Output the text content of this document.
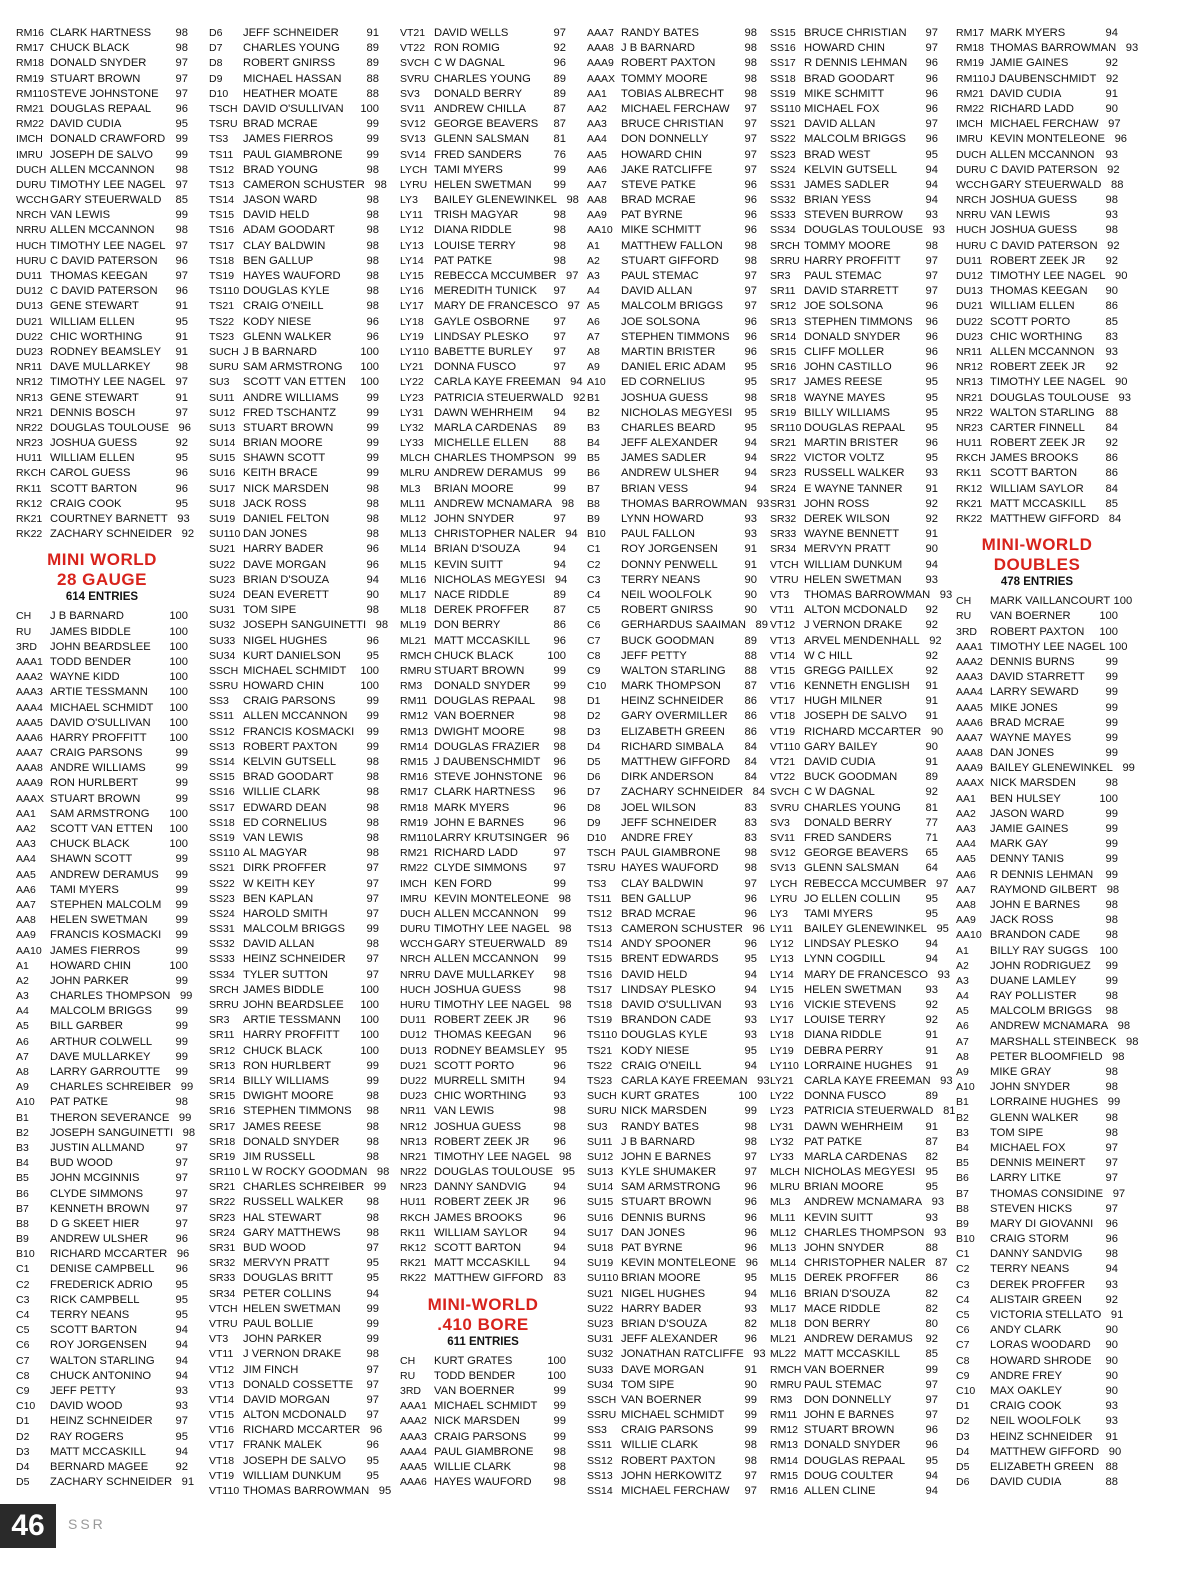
RM16 CLARK HARTNESS	98
RM17 CHUCK BLACK	98
RM18 DONALD SNYDER	97
RM19 STUART BROWN	97
RM110 STEVE JOHNSTONE	97
RM21 DOUGLAS REPAAL	96
RM22 DAVID CUDIA	95
IMCH DONALD CRAWFORD 99
IMRU JOSEPH DE SALVO	99
DUCH ALLEN MCCANNON	98
DURU TIMOTHY LEE NAGEL 97
WCCH GARY STEUERWALD	85
NRCH VAN LEWIS	99
NRRU ALLEN MCCANNON	98
HUCH TIMOTHY LEE NAGEL 97
HURU C DAVID PATERSON	96
DU11 THOMAS KEEGAN	97
DU12 C DAVID PATERSON	96
DU13 GENE STEWART	91
DU21 WILLIAM ELLEN	95
DU22 CHIC WORTHING	91
DU23 RODNEY BEAMSLEY	91
NR11 DAVE MULLARKEY	98
NR12 TIMOTHY LEE NAGEL 97
NR13 GENE STEWART	91
NR21 DENNIS BOSCH	97
NR22 DOUGLAS TOULOUSE 96
NR23 JOSHUA GUESS	92
HU11 WILLIAM ELLEN	95
RKCH CAROL GUESS	96
RK11 SCOTT BARTON	96
RK12 CRAIG COOK	95
RK21 COURTNEY BARNETT 93
RK22 ZACHARY SCHNEIDER 92
MINI WORLD
28 GAUGE
614 ENTRIES
CH	J B BARNARD	100
RU	JAMES BIDDLE	100
3RD	JOHN BEARDSLEE	100
AAA1 TODD BENDER	100
AAA2 WAYNE KIDD	100
AAA3 ARTIE TESSMANN	100
AAA4 MICHAEL SCHMIDT	100
AAA5 DAVID O'SULLIVAN	100
AAA6 HARRY PROFFITT	100
AAA7 CRAIG PARSONS	99
AAA8 ANDRE WILLIAMS	99
AAA9 RON HURLBERT	99
AAAX STUART BROWN	99
AA1	SAM ARMSTRONG	100
AA2	SCOTT VAN ETTEN	100
AA3	CHUCK BLACK	100
AA4	SHAWN SCOTT	99
AA5	ANDREW DERAMUS	99
AA6	TAMI MYERS	99
AA7	STEPHEN MALCOLM	99
AA8	HELEN SWETMAN	99
AA9	FRANCIS KOSMACKI	99
AA10 JAMES FIERROS	99
A1	HOWARD CHIN	100
A2	JOHN PARKER	99
A3	CHARLES THOMPSON 99
A4	MALCOLM BRIGGS	99
A5	BILL GARBER	99
A6	ARTHUR COLWELL	99
A7	DAVE MULLARKEY	99
A8	LARRY GARROUTTE	99
A9	CHARLES SCHREIBER 99
A10	PAT PATKE	98
B1	THERON SEVERANCE 99
B2	JOSEPH SANGUINETTI 98
B3	JUSTIN ALLMAND	97
B4	BUD WOOD	97
B5	JOHN MCGINNIS	97
B6	CLYDE SIMMONS	97
B7	KENNETH BROWN	97
B8	D G SKEET HIER	97
B9	ANDREW ULSHER	96
B10	RICHARD MCCARTER 96
C1	DENISE CAMPBELL	96
C2	FREDERICK ADRIO	95
C3	RICK CAMPBELL	95
C4	TERRY NEANS	95
C5	SCOTT BARTON	94
C6	ROY JORGENSEN	94
C7	WALTON STARLING	94
C8	CHUCK ANTONINO	94
C9	JEFF PETTY	93
C10	DAVID WOOD	93
D1	HEINZ SCHNEIDER	97
D2	RAY ROGERS	95
D3	MATT MCCASKILL	94
D4	BERNARD MAGEE	92
D5	ZACHARY SCHNEIDER 91
D6	JEFF SCHNEIDER	91
D7	CHARLES YOUNG	89
D8	ROBERT GNIRSS	89
D9	MICHAEL HASSAN	88
D10	HEATHER MOATE	88
TSCH DAVID O'SULLIVAN	100
TSRU BRAD MCRAE	99
TS3	JAMES FIERROS	99
TS11 PAUL GIAMBRONE	99
TS12 BRAD YOUNG	98
TS13 CAMERON SCHUSTER 98
TS14 JASON WARD	98
TS15 DAVID HELD	98
TS16 ADAM GOODART	98
TS17 CLAY BALDWIN	98
TS18 BEN GALLUP	98
TS19 HAYES WAUFORD	98
TS110 DOUGLAS KYLE	98
TS21 CRAIG O'NEILL	98
TS22 KODY NIESE	96
TS23 GLENN WALKER	96
SUCH J B BARNARD	100
SURU SAM ARMSTRONG	100
SU3	SCOTT VAN ETTEN	100
SU11 ANDRE WILLIAMS	99
SU12 FRED TSCHANTZ	99
SU13 STUART BROWN	99
SU14 BRIAN MOORE	99
SU15 SHAWN SCOTT	99
SU16 KEITH BRACE	99
SU17 NICK MARSDEN	98
SU18 JACK ROSS	98
SU19 DANIEL FELTON	98
SU110 DAN JONES	98
SU21 HARRY BADER	96
SU22 DAVE MORGAN	96
SU23 BRIAN D'SOUZA	94
SU24 DEAN EVERETT	90
SU31 TOM SIPE	98
SU32 JOSEPH SANGUINETTI 98
SU33 NIGEL HUGHES	96
SU34 KURT DANIELSON	95
SSCH MICHAEL SCHMIDT	100
SSRU HOWARD CHIN	100
SS3	CRAIG PARSONS	99
SS11 ALLEN MCCANNON	99
SS12 FRANCIS KOSMACKI	99
SS13 ROBERT PAXTON	99
SS14 KELVIN GUTSELL	98
SS15 BRAD GOODART	98
SS16 WILLIE CLARK	98
SS17 EDWARD DEAN	98
SS18 ED CORNELIUS	98
SS19 VAN LEWIS	98
SS110 AL MAGYAR	98
SS21 DIRK PROFFER	97
SS22 W KEITH KEY	97
SS23 BEN KAPLAN	97
SS24 HAROLD SMITH	97
SS31 MALCOLM BRIGGS	99
SS32 DAVID ALLAN	98
SS33 HEINZ SCHNEIDER	97
SS34 TYLER SUTTON	97
SRCH JAMES BIDDLE	100
SRRU JOHN BEARDSLEE	100
SR3	ARTIE TESSMANN	100
SR11 HARRY PROFFITT	100
SR12 CHUCK BLACK	100
SR13 RON HURLBERT	99
SR14 BILLY WILLIAMS	99
SR15 DWIGHT MOORE	98
SR16 STEPHEN TIMMONS	98
SR17 JAMES REESE	98
SR18 DONALD SNYDER	98
SR19 JIM RUSSELL	98
SR110 L W ROCKY GOODMAN 98
SR21 CHARLES SCHREIBER 99
SR22 RUSSELL WALKER	98
SR23 HAL STEWART	98
SR24 GARY MATTHEWS	98
SR31 BUD WOOD	97
SR32 MERVYN PRATT	95
SR33 DOUGLAS BRITT	95
SR34 PETER COLLINS	94
VTCH HELEN SWETMAN	99
VTRU PAUL BOLLIE	99
VT3	JOHN PARKER	99
VT11 J VERNON DRAKE	98
VT12 JIM FINCH	97
VT13 DONALD COSSETTE	97
VT14 DAVID MORGAN	97
VT15 ALTON MCDONALD	97
VT16 RICHARD MCCARTER 96
VT17 FRANK MALEK	96
VT18 JOSEPH DE SALVO	95
VT19 WILLIAM DUNKUM	95
VT110 THOMAS BARROWMAN 95
VT21 DAVID WELLS	97
VT22 RON ROMIG	92
SVCH C W DAGNAL	96
SVRU CHARLES YOUNG	89
SV3	DONALD BERRY	89
SV11 ANDREW CHILLA	87
SV12 GEORGE BEAVERS	87
SV13 GLENN SALSMAN	81
SV14 FRED SANDERS	76
LYCH TAMI MYERS	99
LYRU HELEN SWETMAN	99
LY3	BAILEY GLENEWINKEL 98
LY11 TRISH MAGYAR	98
LY12 DIANA RIDDLE	98
LY13 LOUISE TERRY	98
LY14 PAT PATKE	98
LY15 REBECCA MCCUMBER 97
LY16 MEREDITH TUNICK	97
LY17 MARY DE FRANCESCO 97
LY18 GAYLE OSBORNE	97
LY19 LINDSAY PLESKO	97
LY110 BABETTE BURLEY	97
LY21 DONNA FUSCO	97
LY22 CARLA KAYE FREEMAN 94
LY23 PATRICIA STEUERWALD 92
LY31 DAWN WEHRHEIM	94
LY32 MARLA CARDENAS	89
LY33 MICHELLE ELLEN	88
MLCH CHARLES THOMPSON 99
MLRU ANDREW DERAMUS 99
ML3	BRIAN MOORE	99
ML11 ANDREW MCNAMARA 98
ML12 JOHN SNYDER	97
ML13 CHRISTOPHER NALER 94
ML14 BRIAN D'SOUZA	94
ML15 KEVIN SUITT	94
ML16 NICHOLAS MEGYESI 94
ML17 NACE RIDDLE	89
ML18 DEREK PROFFER	87
ML19 DON BERRY	86
ML21 MATT MCCASKILL	96
RMCH CHUCK BLACK	100
RMRU STUART BROWN	99
RM3	DONALD SNYDER	99
RM11 DOUGLAS REPAAL	98
RM12 VAN BOERNER	98
RM13 DWIGHT MOORE	98
RM14 DOUGLAS FRAZIER	98
RM15 J DAUBENSCHMIDT	96
RM16 STEVE JOHNSTONE 96
RM17 CLARK HARTNESS	96
RM18 MARK MYERS	96
RM19 JOHN E BARNES	96
RM110 LARRY KRUTSINGER 96
RM21 RICHARD LADD	97
RM22 CLYDE SIMMONS	97
IMCH KEN FORD	99
IMRU KEVIN MONTELEONE 98
DUCH ALLEN MCCANNON	99
DURU TIMOTHY LEE NAGEL 98
WCCH GARY STEUERWALD 89
NRCH ALLEN MCCANNON	99
NRRU DAVE MULLARKEY	98
HUCH JOSHUA GUESS	98
HURU TIMOTHY LEE NAGEL 98
DU11 ROBERT ZEEK JR	96
DU12 THOMAS KEEGAN	96
DU13 RODNEY BEAMSLEY 95
DU21 SCOTT PORTO	96
DU22 MURRELL SMITH	94
DU23 CHIC WORTHING	93
NR11 VAN LEWIS	98
NR12 JOSHUA GUESS	98
NR13 ROBERT ZEEK JR	96
NR21 TIMOTHY LEE NAGEL 98
NR22 DOUGLAS TOULOUSE 95
NR23 DANNY SANDVIG	94
HU11 ROBERT ZEEK JR	96
RKCH JAMES BROOKS	96
RK11 WILLIAM SAYLOR	94
RK12 SCOTT BARTON	94
RK21 MATT MCCASKILL	94
RK22 MATTHEW GIFFORD 83
MINI-WORLD
.410 BORE
611 ENTRIES
CH	KURT GRATES	100
RU	TODD BENDER	100
3RD	VAN BOERNER	99
AAA1 MICHAEL SCHMIDT	99
AAA2 NICK MARSDEN	99
AAA3 CRAIG PARSONS	99
AAA4 PAUL GIAMBRONE	98
AAA5 WILLIE CLARK	98
AAA6 HAYES WAUFORD	98
AAA7 RANDY BATES	98
AAA8 J B BARNARD	98
AAA9 ROBERT PAXTON	98
AAAX TOMMY MOORE	98
AA1	TOBIAS ALBRECHT	98
AA2	MICHAEL FERCHAW	97
AA3	BRUCE CHRISTIAN	97
AA4	DON DONNELLY	97
AA5	HOWARD CHIN	97
AA6	JAKE RATCLIFFE	97
AA7	STEVE PATKE	96
AA8	BRAD MCRAE	96
AA9	PAT BYRNE	96
AA10 MIKE SCHMITT	96
A1	MATTHEW FALLON	98
A2	STUART GIFFORD	98
A3	PAUL STEMAC	97
A4	DAVID ALLAN	97
A5	MALCOLM BRIGGS	97
A6	JOE SOLSONA	96
A7	STEPHEN TIMMONS	96
A8	MARTIN BRISTER	96
A9	DANIEL ERIC ADAM	95
A10	ED CORNELIUS	95
B1	JOSHUA GUESS	98
B2	NICHOLAS MEGYESI	95
B3	CHARLES BEARD	95
B4	JEFF ALEXANDER	94
B5	JAMES SADLER	94
B6	ANDREW ULSHER	94
B7	BRIAN VESS	94
B8	THOMAS BARROWMAN 93
B9	LYNN HOWARD	93
B10	PAUL FALLON	93
C1	ROY JORGENSEN	91
C2	DONNY PENWELL	91
C3	TERRY NEANS	90
C4	NEIL WOOLFOLK	90
C5	ROBERT GNIRSS	90
C6	GERHARDUS SAAIMAN 89
C7	BUCK GOODMAN	89
C8	JEFF PETTY	88
C9	WALTON STARLING	88
C10	MARK THOMPSON	87
D1	HEINZ SCHNEIDER	86
D2	GARY OVERMILLER	86
D3	ELIZABETH GREEN	86
D4	RICHARD SIMBALA	84
D5	MATTHEW GIFFORD	84
D6	DIRK ANDERSON	84
D7	ZACHARY SCHNEIDER 84
D8	JOEL WILSON	83
D9	JEFF SCHNEIDER	83
D10	ANDRE FREY	83
TSCH PAUL GIAMBRONE	98
TSRU HAYES WAUFORD	98
TS3	CLAY BALDWIN	97
TS11 BEN GALLUP	96
TS12 BRAD MCRAE	96
TS13 CAMERON SCHUSTER 96
TS14 ANDY SPOONER	96
TS15 BRENT EDWARDS	95
TS16 DAVID HELD	94
TS17 LINDSAY PLESKO	94
TS18 DAVID O'SULLIVAN	93
TS19 BRANDON CADE	93
TS110 DOUGLAS KYLE	93
TS21 KODY NIESE	95
TS22 CRAIG O'NEILL	94
TS23 CARLA KAYE FREEMAN 93
SUCH KURT GRATES	100
SURU NICK MARSDEN	99
SU3	RANDY BATES	98
SU11 J B BARNARD	98
SU12 JOHN E BARNES	97
SU13 KYLE SHUMAKER	97
SU14 SAM ARMSTRONG	96
SU15 STUART BROWN	96
SU16 DENNIS BURNS	96
SU17 DAN JONES	96
SU18 PAT BYRNE	96
SU19 KEVIN MONTELEONE 96
SU110 BRIAN MOORE	95
SU21 NIGEL HUGHES	94
SU22 HARRY BADER	93
SU23 BRIAN D'SOUZA	82
SU31 JEFF ALEXANDER	96
SU32 JONATHAN RATCLIFFE 93
SU33 DAVE MORGAN	91
SU34 TOM SIPE	90
SSCH VAN BOERNER	99
SSRU MICHAEL SCHMIDT	99
SS3	CRAIG PARSONS	99
SS11 WILLIE CLARK	98
SS12 ROBERT PAXTON	98
SS13 JOHN HERKOWITZ	97
SS14 MICHAEL FERCHAW	97
SS15 BRUCE CHRISTIAN	97
SS16 HOWARD CHIN	97
SS17 R DENNIS LEHMAN	96
SS18 BRAD GOODART	96
SS19 MIKE SCHMITT	96
SS110 MICHAEL FOX	96
SS21 DAVID ALLAN	97
SS22 MALCOLM BRIGGS	96
SS23 BRAD WEST	95
SS24 KELVIN GUTSELL	94
SS31 JAMES SADLER	94
SS32 BRIAN YESS	94
SS33 STEVEN BURROW	93
SS34 DOUGLAS TOULOUSE 93
SRCH TOMMY MOORE	98
SRRU HARRY PROFFITT	97
SR3	PAUL STEMAC	97
SR11 DAVID STARRETT	97
SR12 JOE SOLSONA	96
SR13 STEPHEN TIMMONS	96
SR14 DONALD SNYDER	96
SR15 CLIFF MOLLER	96
SR16 JOHN CASTILLO	96
SR17 JAMES REESE	95
SR18 WAYNE MAYES	95
SR19 BILLY WILLIAMS	95
SR110 DOUGLAS REPAAL	95
SR21 MARTIN BRISTER	96
SR22 VICTOR VOLTZ	95
SR23 RUSSELL WALKER	93
SR24 E WAYNE TANNER	91
SR31 JOHN ROSS	92
SR32 DEREK WILSON	92
SR33 WAYNE BENNETT	91
SR34 MERVYN PRATT	90
VTCH WILLIAM DUNKUM	94
VTRU HELEN SWETMAN	93
VT3	THOMAS BARROWMAN 93
VT11 ALTON MCDONALD	92
VT12 J VERNON DRAKE	92
VT13 ARVEL MENDENHALL 92
VT14 W C HILL	92
VT15 GREGG PAILLEX	92
VT16 KENNETH ENGLISH	91
VT17 HUGH MILNER	91
VT18 JOSEPH DE SALVO	91
VT19 RICHARD MCCARTER 90
VT110 GARY BAILEY	90
VT21 DAVID CUDIA	91
VT22 BUCK GOODMAN	89
SVCH C W DAGNAL	92
SVRU CHARLES YOUNG	81
SV3	DONALD BERRY	77
SV11 FRED SANDERS	71
SV12 GEORGE BEAVERS	65
SV13 GLENN SALSMAN	64
LYCH REBECCA MCCUMBER 97
LYRU JO ELLEN COLLIN	95
LY3	TAMI MYERS	95
LY11 BAILEY GLENEWINKEL 95
LY12 LINDSAY PLESKO	94
LY13 LYNN COGDILL	94
LY14 MARY DE FRANCESCO 93
LY15 HELEN SWETMAN	93
LY16 VICKIE STEVENS	92
LY17 LOUISE TERRY	92
LY18 DIANA RIDDLE	91
LY19 DEBRA PERRY	91
LY110 LORRAINE HUGHES	91
LY21 CARLA KAYE FREEMAN 93
LY22 DONNA FUSCO	89
LY23 PATRICIA STEUERWALD 81
LY31 DAWN WEHRHEIM	91
LY32 PAT PATKE	87
LY33 MARLA CARDENAS	82
MLCH NICHOLAS MEGYESI 95
MLRU BRIAN MOORE	95
ML3	ANDREW MCNAMARA 93
ML11 KEVIN SUITT	93
ML12 CHARLES THOMPSON 93
ML13 JOHN SNYDER	88
ML14 CHRISTOPHER NALER 87
ML15 DEREK PROFFER	86
ML16 BRIAN D'SOUZA	82
ML17 MACE RIDDLE	82
ML18 DON BERRY	80
ML21 ANDREW DERAMUS	92
ML22 MATT MCCASKILL	85
RMCH VAN BOERNER	99
RMRU PAUL STEMAC	97
RM3	DON DONNELLY	97
RM11 JOHN E BARNES	97
RM12 STUART BROWN	96
RM13 DONALD SNYDER	96
RM14 DOUGLAS REPAAL	95
RM15 DOUG COULTER	94
RM16 ALLEN CLINE	94
RM17 MARK MYERS	94
RM18 THOMAS BARROWMAN 93
RM19 JAMIE GAINES	92
RM110 J DAUBENSCHMIDT 92
RM21 DAVID CUDIA	91
RM22 RICHARD LADD	90
IMCH MICHAEL FERCHAW 97
IMRU KEVIN MONTELEONE 96
DUCH ALLEN MCCANNON 93
DURU C DAVID PATERSON 92
WCCH GARY STEUERWALD 88
NRCH JOSHUA GUESS	98
NRRU VAN LEWIS	93
HUCH JOSHUA GUESS	98
HURU C DAVID PATERSON 92
DU11 ROBERT ZEEK JR	92
DU12 TIMOTHY LEE NAGEL 90
DU13 THOMAS KEEGAN	90
DU21 WILLIAM ELLEN	86
DU22 SCOTT PORTO	85
DU23 CHIC WORTHING	83
NR11 ALLEN MCCANNON 93
NR12 ROBERT ZEEK JR	92
NR13 TIMOTHY LEE NAGEL 90
NR21 DOUGLAS TOULOUSE 93
NR22 WALTON STARLING 88
NR23 CARTER FINNELL	84
HU11 ROBERT ZEEK JR	92
RKCH JAMES BROOKS	86
RK11 SCOTT BARTON	86
RK12 WILLIAM SAYLOR	84
RK21 MATT MCCASKILL	85
RK22 MATTHEW GIFFORD 84
MINI-WORLD
DOUBLES
478 ENTRIES
CH	MARK VAILLANCOURT 100
RU	VAN BOERNER	100
3RD	ROBERT PAXTON	100
AAA1 TIMOTHY LEE NAGEL 100
AAA2 DENNIS BURNS	99
AAA3 DAVID STARRETT	99
AAA4 LARRY SEWARD	99
AAA5 MIKE JONES	99
AAA6 BRAD MCRAE	99
AAA7 WAYNE MAYES	99
AAA8 DAN JONES	99
AAA9 BAILEY GLENEWINKEL 99
AAAX NICK MARSDEN	98
AA1	BEN HULSEY	100
AA2	JASON WARD	99
AA3	JAMIE GAINES	99
AA4	MARK GAY	99
AA5	DENNY TANIS	99
AA6	R DENNIS LEHMAN	99
AA7	RAYMOND GILBERT 98
AA8	JOHN E BARNES	98
AA9	JACK ROSS	98
AA10 BRANDON CADE	98
A1	BILLY RAY SUGGS	100
A2	JOHN RODRIGUEZ	99
A3	DUANE LAMLEY	99
A4	RAY POLLISTER	98
A5	MALCOLM BRIGGS	98
A6	ANDREW MCNAMARA 98
A7	MARSHALL STEINBECK 98
A8	PETER BLOOMFIELD 98
A9	MIKE GRAY	98
A10	JOHN SNYDER	98
B1	LORRAINE HUGHES 99
B2	GLENN WALKER	98
B3	TOM SIPE	98
B4	MICHAEL FOX	97
B5	DENNIS MEINERT	97
B6	LARRY LITKE	97
B7	THOMAS CONSIDINE 97
B8	STEVEN HICKS	97
B9	MARY DI GIOVANNI	96
B10	CRAIG STORM	96
C1	DANNY SANDVIG	98
C2	TERRY NEANS	94
C3	DEREK PROFFER	93
C4	ALISTAIR GREEN	92
C5	VICTORIA STELLATO 91
C6	ANDY CLARK	90
C7	LORAS WOODARD	90
C8	HOWARD SHRODE	90
C9	ANDRE FREY	90
C10	MAX OAKLEY	90
D1	CRAIG COOK	93
D2	NEIL WOOLFOLK	93
D3	HEINZ SCHNEIDER	91
D4	MATTHEW GIFFORD 90
D5	ELIZABETH GREEN	88
D6	DAVID CUDIA	88
46	SSR
